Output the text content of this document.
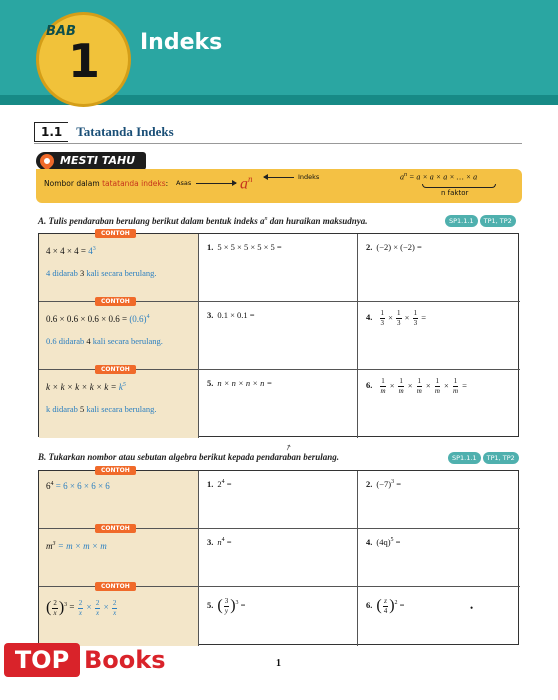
BAB
1 Indeks
1.1	Tatatanda Indeks
MESTI TAHU
Nombor dalam tatatanda indeks: Asas	$a^n$	Indeks	$a^n = a \times a \times a$ × … × a
n faktor
A. Tulis pendaraban berulang berikut dalam bentuk indeks $a^n$ dan huraikan maksudnya.	SP1.1.1	TP1, TP2
CONTOH
$4 \times 4 \times 4 = 4^3$
4 didarab 3 kali secara berulang.
1. 5 × 5 × 5 × 5 × 5 =	2. (−2) × (−2) =
CONTOH
$0.6 \times 0.6 \times 0.6 \times 0.6 = (0.6)^4$
0.6 didarab 4 kali secara berulang.
3. 0.1 × 0.1 =	4. $\frac{1}{3} \times \frac{1}{3} \times \frac{1}{3}$ =
CONTOH
$k \times k \times k \times k \times k = k^5$
k didarab 5 kali secara berulang.
5. n × n × n × n =	6. $\frac{1}{m} \times \frac{1}{m} \times \frac{1}{m} \times \frac{1}{m} \times \frac{1}{m}$ =
B. Tukarkan nombor atau sebutan algebra berikut kepada pendaraban berulang.
↗
SP1.1.1	TP1, TP2
CONTOH
$6^4 = 6 \times 6 \times 6 \times 6$	1. $2^4$ =	2. $(-7)^3$ =
CONTOH
$m^3 = m \times m \times m$	3. $n^4$ =	4. $(4q)^5$ =
CONTOH
( $\frac{2}{x} )^3 = \frac{2}{x} \times \frac{2}{x} \times \frac{2}{x}$	5. ( $\frac{3}{y} )^3$ =	6. ( $\frac{z}{4} )^2$ =	•
1
TOP Books
